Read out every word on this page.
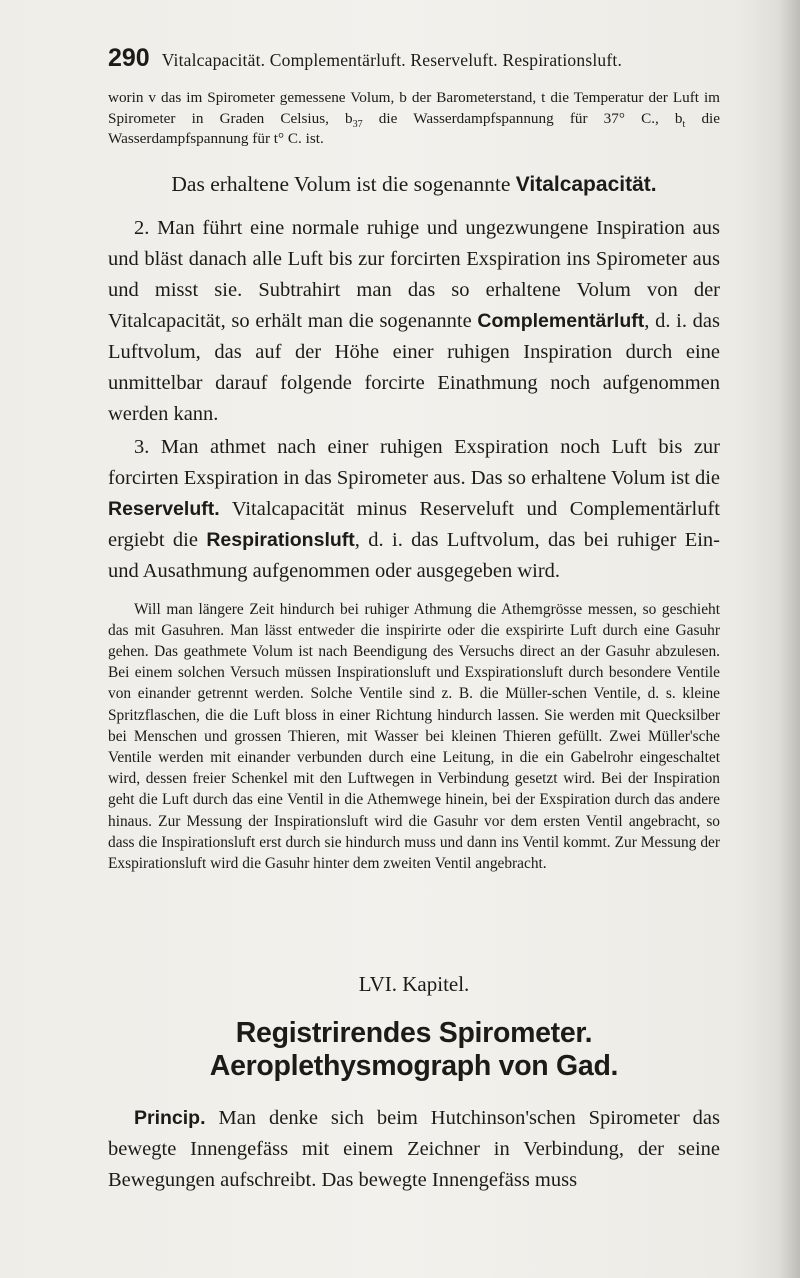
290 Vitalcapacität. Complementärluft. Reserveluft. Respirationsluft.

worin v das im Spirometer gemessene Volum, b der Barometerstand, t die Temperatur der Luft im Spirometer in Graden Celsius, $b_{37}$ die Wasserdampfspannung für 37° C., $b_t$ die Wasserdampfspannung für t° C. ist.

Das erhaltene Volum ist die sogenannte Vitalcapacität.

2. Man führt eine normale ruhige und ungezwungene Inspiration aus und bläst danach alle Luft bis zur forcirten Exspiration ins Spirometer aus und misst sie. Subtrahirt man das so erhaltene Volum von der Vitalcapacität, so erhält man die sogenannte Complementärluft, d. i. das Luftvolum, das auf der Höhe einer ruhigen Inspiration durch eine unmittelbar darauf folgende forcirte Einathmung noch aufgenommen werden kann.

3. Man athmet nach einer ruhigen Exspiration noch Luft bis zur forcirten Exspiration in das Spirometer aus. Das so erhaltene Volum ist die Reserveluft. Vitalcapacität minus Reserveluft und Complementärluft ergiebt die Respirationsluft, d. i. das Luftvolum, das bei ruhiger Ein- und Ausathmung aufgenommen oder ausgegeben wird.

Will man längere Zeit hindurch bei ruhiger Athmung die Athemgrösse messen, so geschieht das mit Gasuhren. Man lässt entweder die inspirirte oder die exspirirte Luft durch eine Gasuhr gehen. Das geathmete Volum ist nach Beendigung des Versuchs direct an der Gasuhr abzulesen. Bei einem solchen Versuch müssen Inspirationsluft und Exspirationsluft durch besondere Ventile von einander getrennt werden. Solche Ventile sind z. B. die Müller-schen Ventile, d. s. kleine Spritzflaschen, die die Luft bloss in einer Richtung hindurch lassen. Sie werden mit Quecksilber bei Menschen und grossen Thieren, mit Wasser bei kleinen Thieren gefüllt. Zwei Müller'sche Ventile werden mit einander verbunden durch eine Leitung, in die ein Gabelrohr eingeschaltet wird, dessen freier Schenkel mit den Luftwegen in Verbindung gesetzt wird. Bei der Inspiration geht die Luft durch das eine Ventil in die Athemwege hinein, bei der Exspiration durch das andere hinaus. Zur Messung der Inspirationsluft wird die Gasuhr vor dem ersten Ventil angebracht, so dass die Inspirationsluft erst durch sie hindurch muss und dann ins Ventil kommt. Zur Messung der Exspirationsluft wird die Gasuhr hinter dem zweiten Ventil angebracht.

LVI. Kapitel.
Registrirendes Spirometer. Aeroplethysmograph von Gad.

Princip. Man denke sich beim Hutchinson'schen Spirometer das bewegte Innengefäss mit einem Zeichner in Verbindung, der seine Bewegungen aufschreibt. Das bewegte Innengefäss muss
